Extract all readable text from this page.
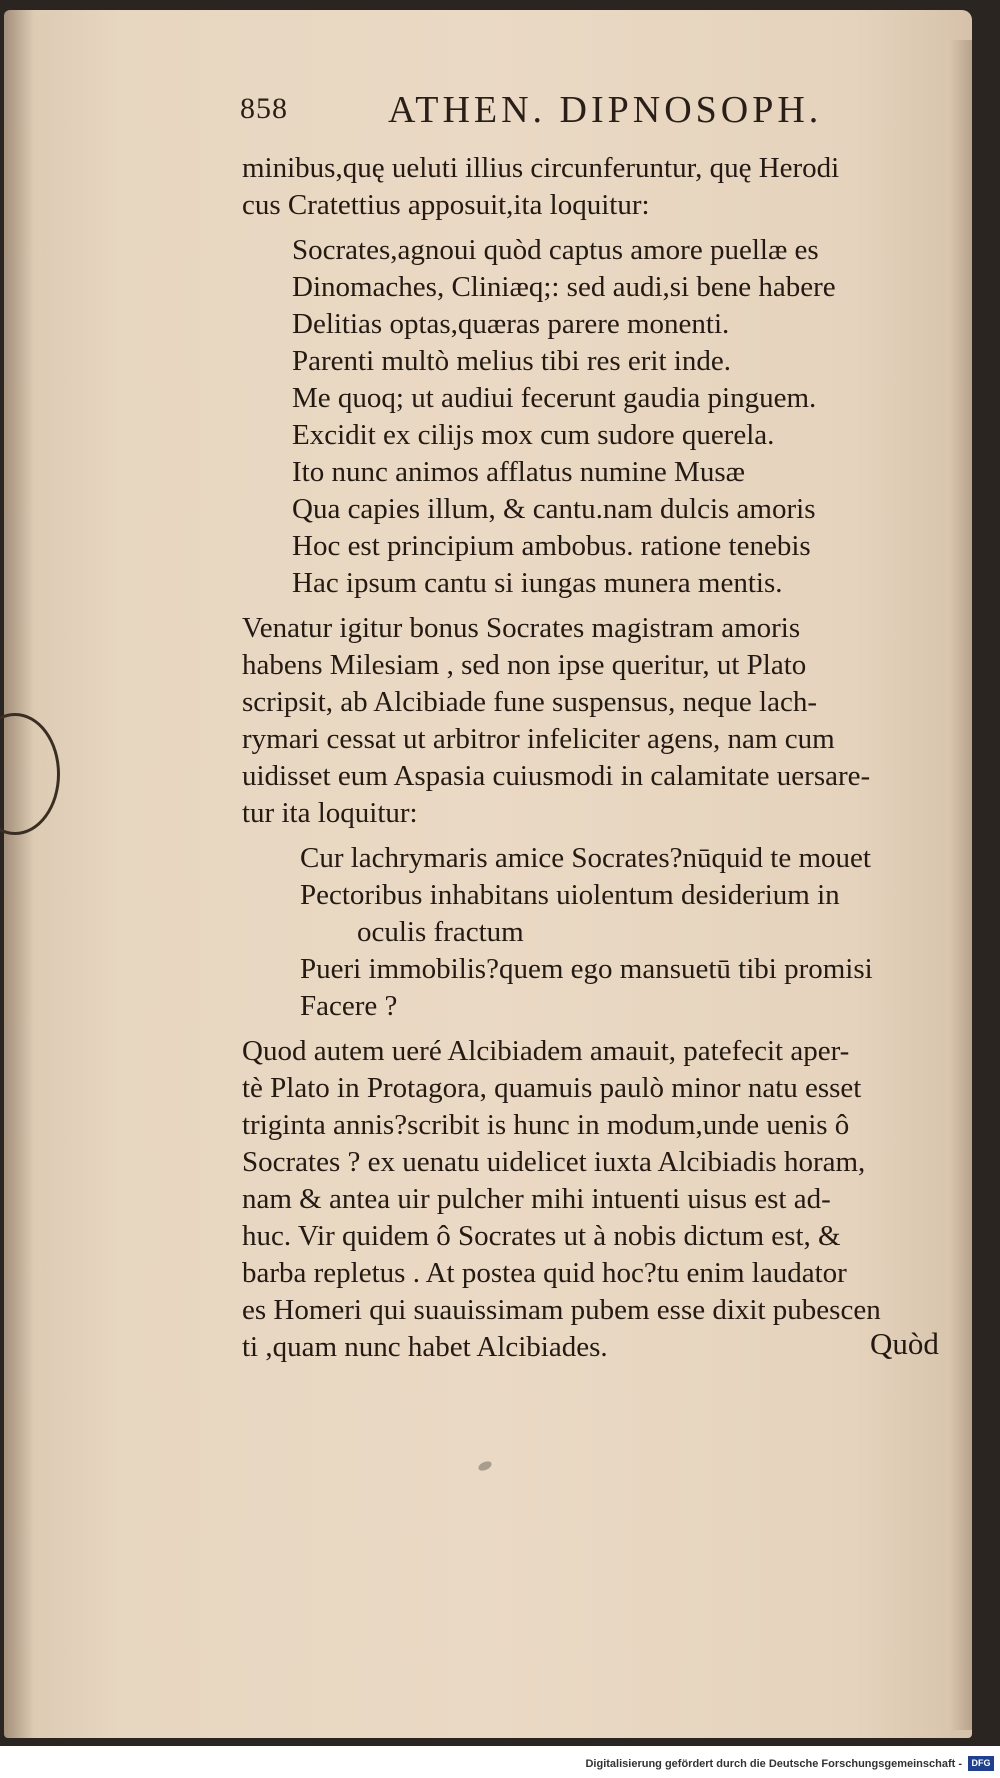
858	ATHEN. DIPNOSOPH.
minibus,quę ueluti illius circunferuntur, quę Herodi
cus Cratettius apposuit,ita loquitur:
Socrates,agnoui quòd captus amore puellæ es
Dinomaches, Cliniæq;: sed audi,si bene habere
Delitias optas,quæras parere monenti.
Parenti multò melius tibi res erit inde.
Me quoq; ut audiui fecerunt gaudia pinguem.
Excidit ex cilijs mox cum sudore querela.
Ito nunc animos afflatus numine Musæ
Qua capies illum, & cantu.nam dulcis amoris
Hoc est principium ambobus. ratione tenebis
Hac ipsum cantu si iungas munera mentis.
Venatur igitur bonus Socrates magistram amoris
habens Milesiam , sed non ipse queritur, ut Plato
scripsit, ab Alcibiade fune suspensus, neque lach-
rymari cessat ut arbitror infeliciter agens, nam cum
uidisset eum Aspasia cuiusmodi in calamitate uersare-
tur ita loquitur:
Cur lachrymaris amice Socrates?nūquid te mouet
Pectoribus inhabitans uiolentum desiderium in
oculis fractum
Pueri immobilis?quem ego mansuetū tibi promisi
Facere ?
Quod autem ueré Alcibiadem amauit, patefecit aper-
tè Plato in Protagora, quamuis paulò minor natu esset
triginta annis?scribit is hunc in modum,unde uenis ô
Socrates ? ex uenatu uidelicet iuxta Alcibiadis horam,
nam & antea uir pulcher mihi intuenti uisus est ad-
huc. Vir quidem ô Socrates ut à nobis dictum est, &
barba repletus . At postea quid hoc?tu enim laudator
es Homeri qui suauissimam pubem esse dixit pubescen
ti ,quam nunc habet Alcibiades.	Quòd
Digitalisierung gefördert durch die Deutsche Forschungsgemeinschaft -	DFG
